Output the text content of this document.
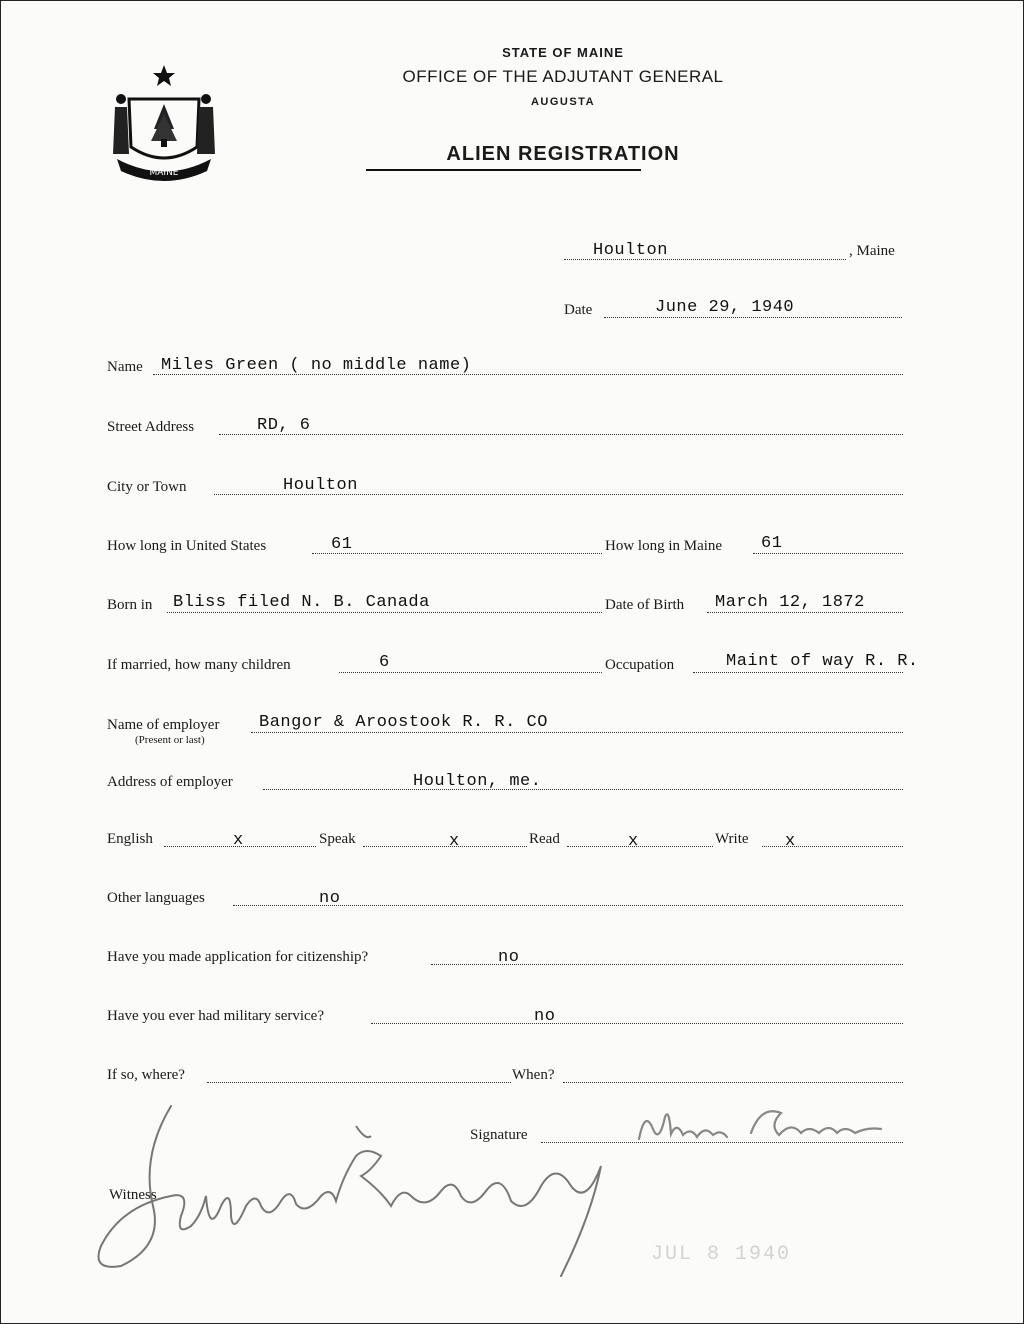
MAINE
STATE OF MAINE
OFFICE OF THE ADJUTANT GENERAL
AUGUSTA
ALIEN REGISTRATION
Houlton	, Maine
Date	June 29, 1940
Name Miles Green ( no middle name)
Street Address	RD, 6
City or Town	Houlton
How long in United States	61	How long in Maine 61
Born in Bliss filed N. B. Canada	Date of Birth March 12, 1872
If married, how many children	6	Occupation	Maint of way R. R.
Name of employer
(Present or last)
Bangor & Aroostook R. R. CO
Address of employer	Houlton, me.
English	x	Speak	x	Read	x	Write x
Other languages	no
Have you made application for citizenship?	no
Have you ever had military service?	no
If so, where?	When?
Signature
Witness
JUL 8 1940
